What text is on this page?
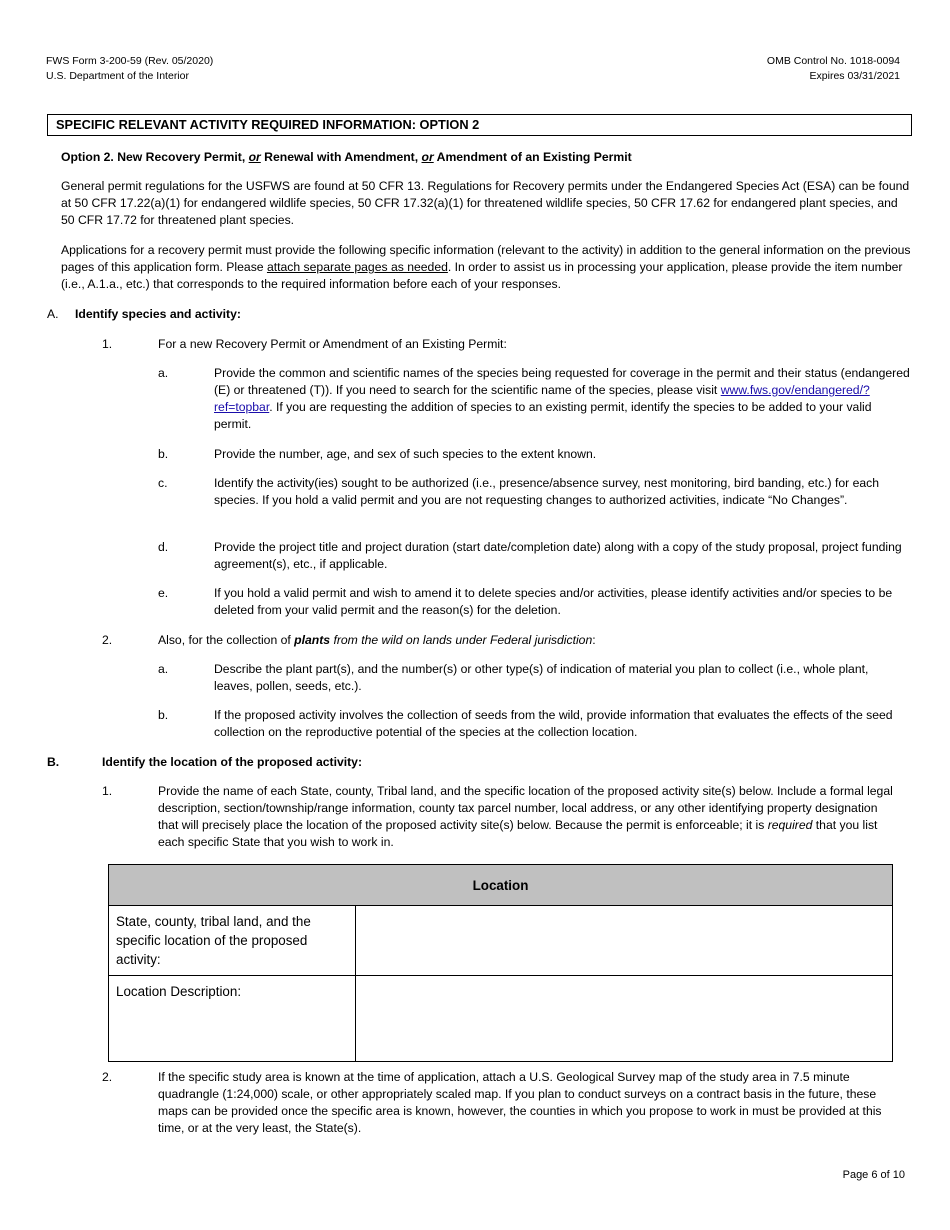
FWS Form 3-200-59 (Rev. 05/2020)
U.S. Department of the Interior
OMB Control No. 1018-0094
Expires 03/31/2021
SPECIFIC RELEVANT ACTIVITY REQUIRED INFORMATION: OPTION 2
Option 2. New Recovery Permit, or Renewal with Amendment, or Amendment of an Existing Permit
General permit regulations for the USFWS are found at 50 CFR 13. Regulations for Recovery permits under the Endangered Species Act (ESA) can be found at 50 CFR 17.22(a)(1) for endangered wildlife species, 50 CFR 17.32(a)(1) for threatened wildlife species, 50 CFR 17.62 for endangered plant species, and 50 CFR 17.72 for threatened plant species.
Applications for a recovery permit must provide the following specific information (relevant to the activity) in addition to the general information on the previous pages of this application form. Please attach separate pages as needed. In order to assist us in processing your application, please provide the item number (i.e., A.1.a., etc.) that corresponds to the required information before each of your responses.
A. Identify species and activity:
1.	For a new Recovery Permit or Amendment of an Existing Permit:
a.	Provide the common and scientific names of the species being requested for coverage in the permit and their status (endangered (E) or threatened (T)). If you need to search for the scientific name of the species, please visit www.fws.gov/endangered/?ref=topbar. If you are requesting the addition of species to an existing permit, identify the species to be added to your valid permit.
b.	Provide the number, age, and sex of such species to the extent known.
c.	Identify the activity(ies) sought to be authorized (i.e., presence/absence survey, nest monitoring, bird banding, etc.) for each species. If you hold a valid permit and you are not requesting changes to authorized activities, indicate “No Changes”.
d.	Provide the project title and project duration (start date/completion date) along with a copy of the study proposal, project funding agreement(s), etc., if applicable.
e.	If you hold a valid permit and wish to amend it to delete species and/or activities, please identify activities and/or species to be deleted from your valid permit and the reason(s) for the deletion.
2.	Also, for the collection of plants from the wild on lands under Federal jurisdiction:
a.	Describe the plant part(s), and the number(s) or other type(s) of indication of material you plan to collect (i.e., whole plant, leaves, pollen, seeds, etc.).
b.	If the proposed activity involves the collection of seeds from the wild, provide information that evaluates the effects of the seed collection on the reproductive potential of the species at the collection location.
B.	Identify the location of the proposed activity:
1.	Provide the name of each State, county, Tribal land, and the specific location of the proposed activity site(s) below. Include a formal legal description, section/township/range information, county tax parcel number, local address, or any other identifying property designation that will precisely place the location of the proposed activity site(s) below. Because the permit is enforceable; it is required that you list each specific State that you wish to work in.
Location	
State, county, tribal land, and the specific location of the proposed activity:	
Location Description:	
2.	If the specific study area is known at the time of application, attach a U.S. Geological Survey map of the study area in 7.5 minute quadrangle (1:24,000) scale, or other appropriately scaled map. If you plan to conduct surveys on a contract basis in the future, these maps can be provided once the specific area is known, however, the counties in which you propose to work in must be provided at this time, or at the very least, the State(s).
Page 6 of 10
